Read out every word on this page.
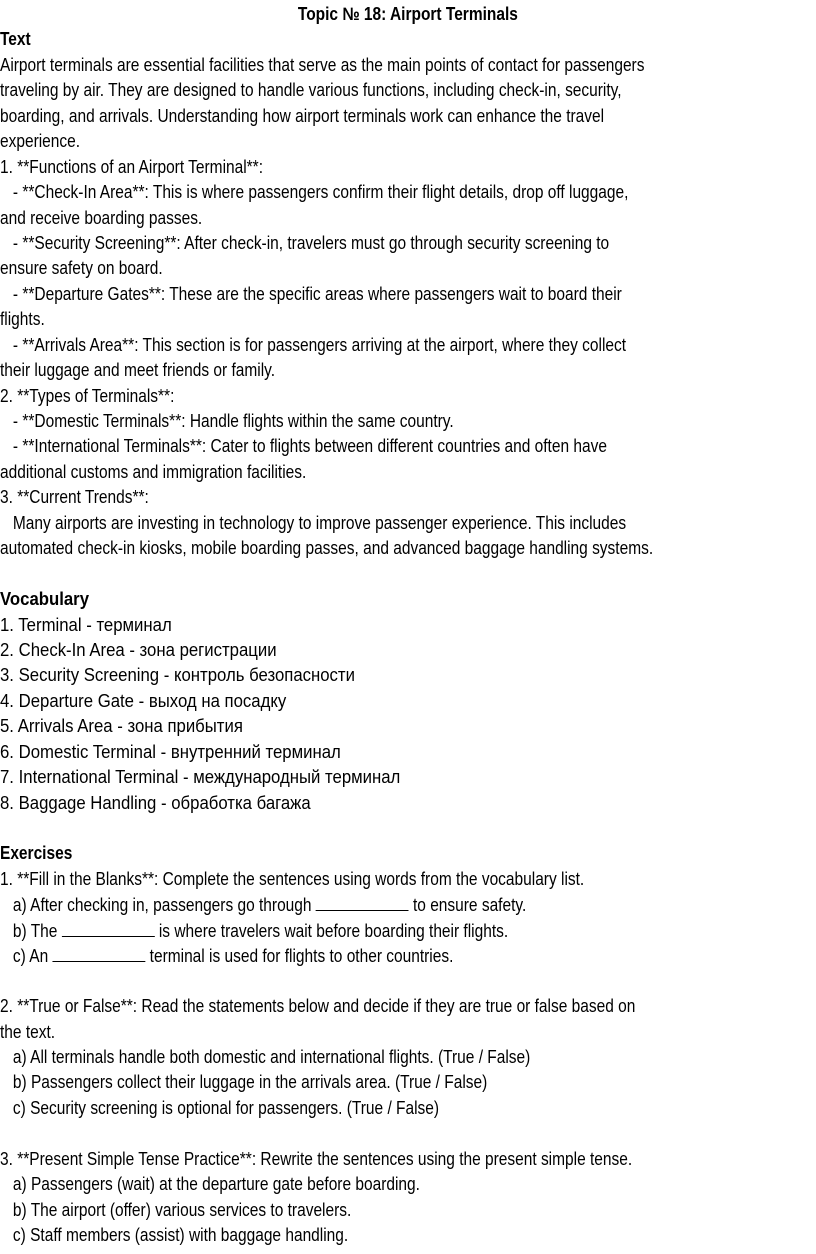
Topic № 18: Airport Terminals
Text
Airport terminals are essential facilities that serve as the main points of contact for passengers
traveling by air. They are designed to handle various functions, including check-in, security,
boarding, and arrivals. Understanding how airport terminals work can enhance the travel
experience.
1. **Functions of an Airport Terminal**:
- **Check-In Area**: This is where passengers confirm their flight details, drop off luggage,
and receive boarding passes.
- **Security Screening**: After check-in, travelers must go through security screening to
ensure safety on board.
- **Departure Gates**: These are the specific areas where passengers wait to board their
flights.
- **Arrivals Area**: This section is for passengers arriving at the airport, where they collect
their luggage and meet friends or family.
2. **Types of Terminals**:
- **Domestic Terminals**: Handle flights within the same country.
- **International Terminals**: Cater to flights between different countries and often have
additional customs and immigration facilities.
3. **Current Trends**:
Many airports are investing in technology to improve passenger experience. This includes
automated check-in kiosks, mobile boarding passes, and advanced baggage handling systems.
Vocabulary
1. Terminal - терминал
2. Check-In Area - зона регистрации
3. Security Screening - контроль безопасности
4. Departure Gate - выход на посадку
5. Arrivals Area - зона прибытия
6. Domestic Terminal - внутренний терминал
7. International Terminal - международный терминал
8. Baggage Handling - обработка багажа
Exercises
1. **Fill in the Blanks**: Complete the sentences using words from the vocabulary list.
a) After checking in, passengers go through	to ensure safety.
b) The	is where travelers wait before boarding their flights.
c) An	terminal is used for flights to other countries.
2. **True or False**: Read the statements below and decide if they are true or false based on
the text.
a) All terminals handle both domestic and international flights. (True / False)
b) Passengers collect their luggage in the arrivals area. (True / False)
c) Security screening is optional for passengers. (True / False)
3. **Present Simple Tense Practice**: Rewrite the sentences using the present simple tense.
a) Passengers (wait) at the departure gate before boarding.
b) The airport (offer) various services to travelers.
c) Staff members (assist) with baggage handling.
